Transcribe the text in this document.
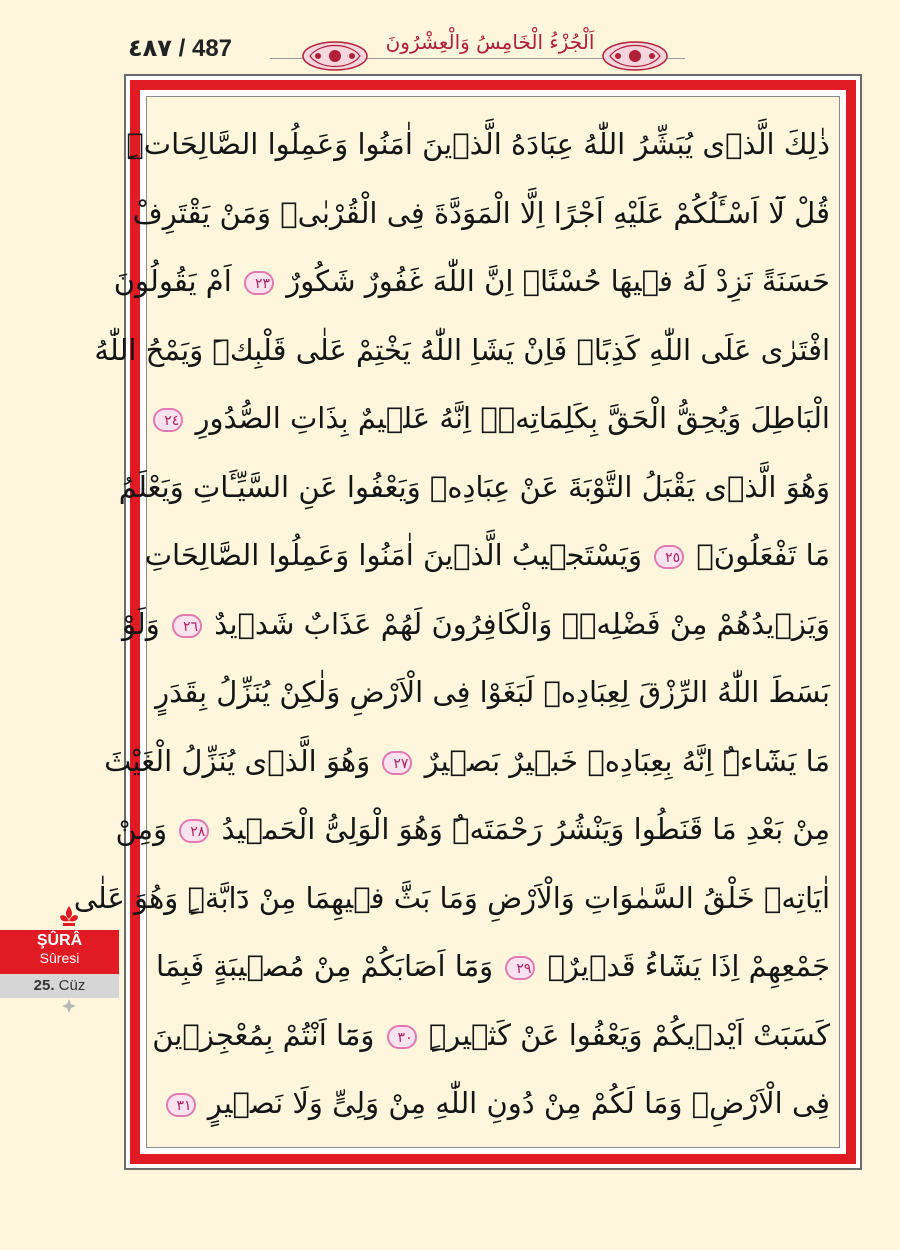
٤٨٧ / 487	اَلْجُزْءُ الْخَامِسُ وَالْعِشْرُونَ
ذٰلِكَ الَّذٖى يُبَشِّرُ اللّٰهُ عِبَادَهُ الَّذٖينَ اٰمَنُوا وَعَمِلُوا الصَّالِحَاتِۜ
قُلْ لَٓا اَسْـَٔلُكُمْ عَلَيْهِ اَجْرًا اِلَّا الْمَوَدَّةَ فِى الْقُرْبٰىۜ وَمَنْ يَقْتَرِفْ
حَسَنَةً نَزِدْ لَهُ فٖيهَا حُسْنًاۜ اِنَّ اللّٰهَ غَفُورٌ شَكُورٌ ٢٣ اَمْ يَقُولُونَ
افْتَرٰى عَلَى اللّٰهِ كَذِبًاۚ فَاِنْ يَشَاِ اللّٰهُ يَخْتِمْ عَلٰى قَلْبِكَۜ وَيَمْحُ اللّٰهُ
الْبَاطِلَ وَيُحِقُّ الْحَقَّ بِكَلِمَاتِهٖۜ اِنَّهُ عَلٖيمٌ بِذَاتِ الصُّدُورِ ٢٤
وَهُوَ الَّذٖى يَقْبَلُ التَّوْبَةَ عَنْ عِبَادِهٖ وَيَعْفُوا عَنِ السَّيِّـَٔاتِ وَيَعْلَمُ
مَا تَفْعَلُونَۙ ٢٥ وَيَسْتَجٖيبُ الَّذٖينَ اٰمَنُوا وَعَمِلُوا الصَّالِحَاتِ
وَيَزٖيدُهُمْ مِنْ فَضْلِهٖۜ وَالْكَافِرُونَ لَهُمْ عَذَابٌ شَدٖيدٌ ٢٦ وَلَوْ
بَسَطَ اللّٰهُ الرِّزْقَ لِعِبَادِهٖ لَبَغَوْا فِى الْاَرْضِ وَلٰكِنْ يُنَزِّلُ بِقَدَرٍ
مَا يَشَٓاءُۜ اِنَّهُ بِعِبَادِهٖ خَبٖيرٌ بَصٖيرٌ ٢٧ وَهُوَ الَّذٖى يُنَزِّلُ الْغَيْثَ
مِنْ بَعْدِ مَا قَنَطُوا وَيَنْشُرُ رَحْمَتَهُۜ وَهُوَ الْوَلِىُّ الْحَمٖيدُ ٢٨ وَمِنْ
اٰيَاتِهٖ خَلْقُ السَّمٰوَاتِ وَالْاَرْضِ وَمَا بَثَّ فٖيهِمَا مِنْ دَٓابَّةٍۜ وَهُوَ عَلٰى
جَمْعِهِمْ اِذَا يَشَٓاءُ قَدٖيرٌۚ ٢٩ وَمَٓا اَصَابَكُمْ مِنْ مُصٖيبَةٍ فَبِمَا
كَسَبَتْ اَيْدٖيكُمْ وَيَعْفُوا عَنْ كَثٖيرٍۜ ٣٠ وَمَٓا اَنْتُمْ بِمُعْجِزٖينَ
فِى الْاَرْضِۚ وَمَا لَكُمْ مِنْ دُونِ اللّٰهِ مِنْ وَلِىٍّ وَلَا نَصٖيرٍ ٣١
ŞÛRÂ
Sûresi
25. Cüz
